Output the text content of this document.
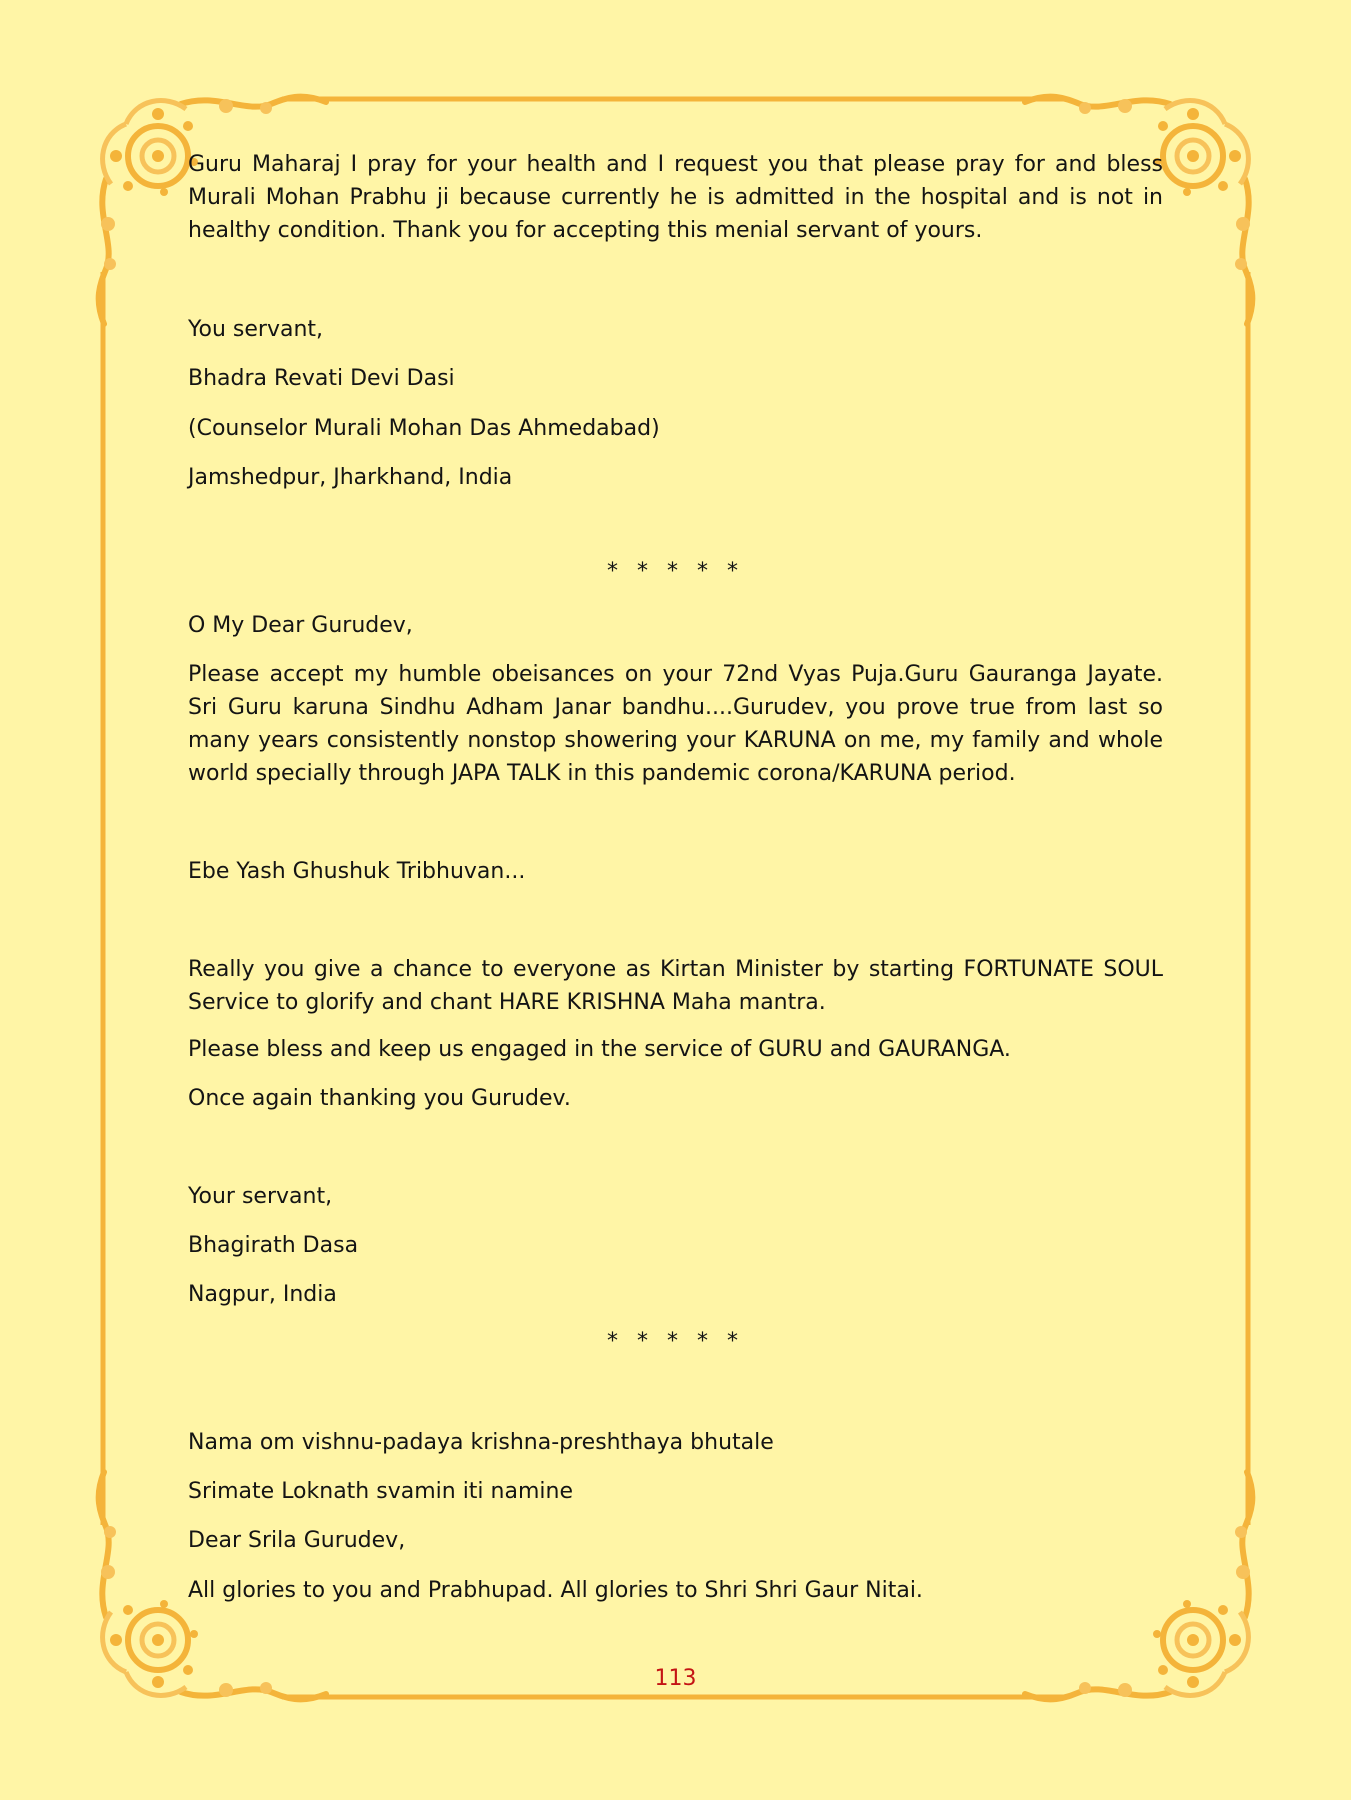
Guru Maharaj I pray for your health and I request you that please pray for and bless Murali Mohan Prabhu ji because currently he is admitted in the hospital and is not in healthy condition. Thank you for accepting this menial servant of yours.

You servant,

Bhadra Revati Devi Dasi

(Counselor Murali Mohan Das Ahmedabad)

Jamshedpur, Jharkhand, India

* * * * *

O My Dear Gurudev,

Please accept my humble obeisances on your 72nd Vyas Puja.Guru Gauranga Jayate. Sri Guru karuna Sindhu Adham Janar bandhu....Gurudev, you prove true from last so many years consistently nonstop showering your KARUNA on me, my family and whole world specially through JAPA TALK in this pandemic corona/KARUNA period.

Ebe Yash Ghushuk Tribhuvan...

Really you give a chance to everyone as Kirtan Minister by starting FORTUNATE SOUL Service to glorify and chant HARE KRISHNA Maha mantra.

Please bless and keep us engaged in the service of GURU and GAURANGA.

Once again thanking you Gurudev.

Your servant,

Bhagirath Dasa

Nagpur, India

* * * * *

Nama om vishnu-padaya krishna-preshthaya bhutale

Srimate Loknath svamin iti namine

Dear Srila Gurudev,

All glories to you and Prabhupad. All glories to Shri Shri Gaur Nitai.

113
